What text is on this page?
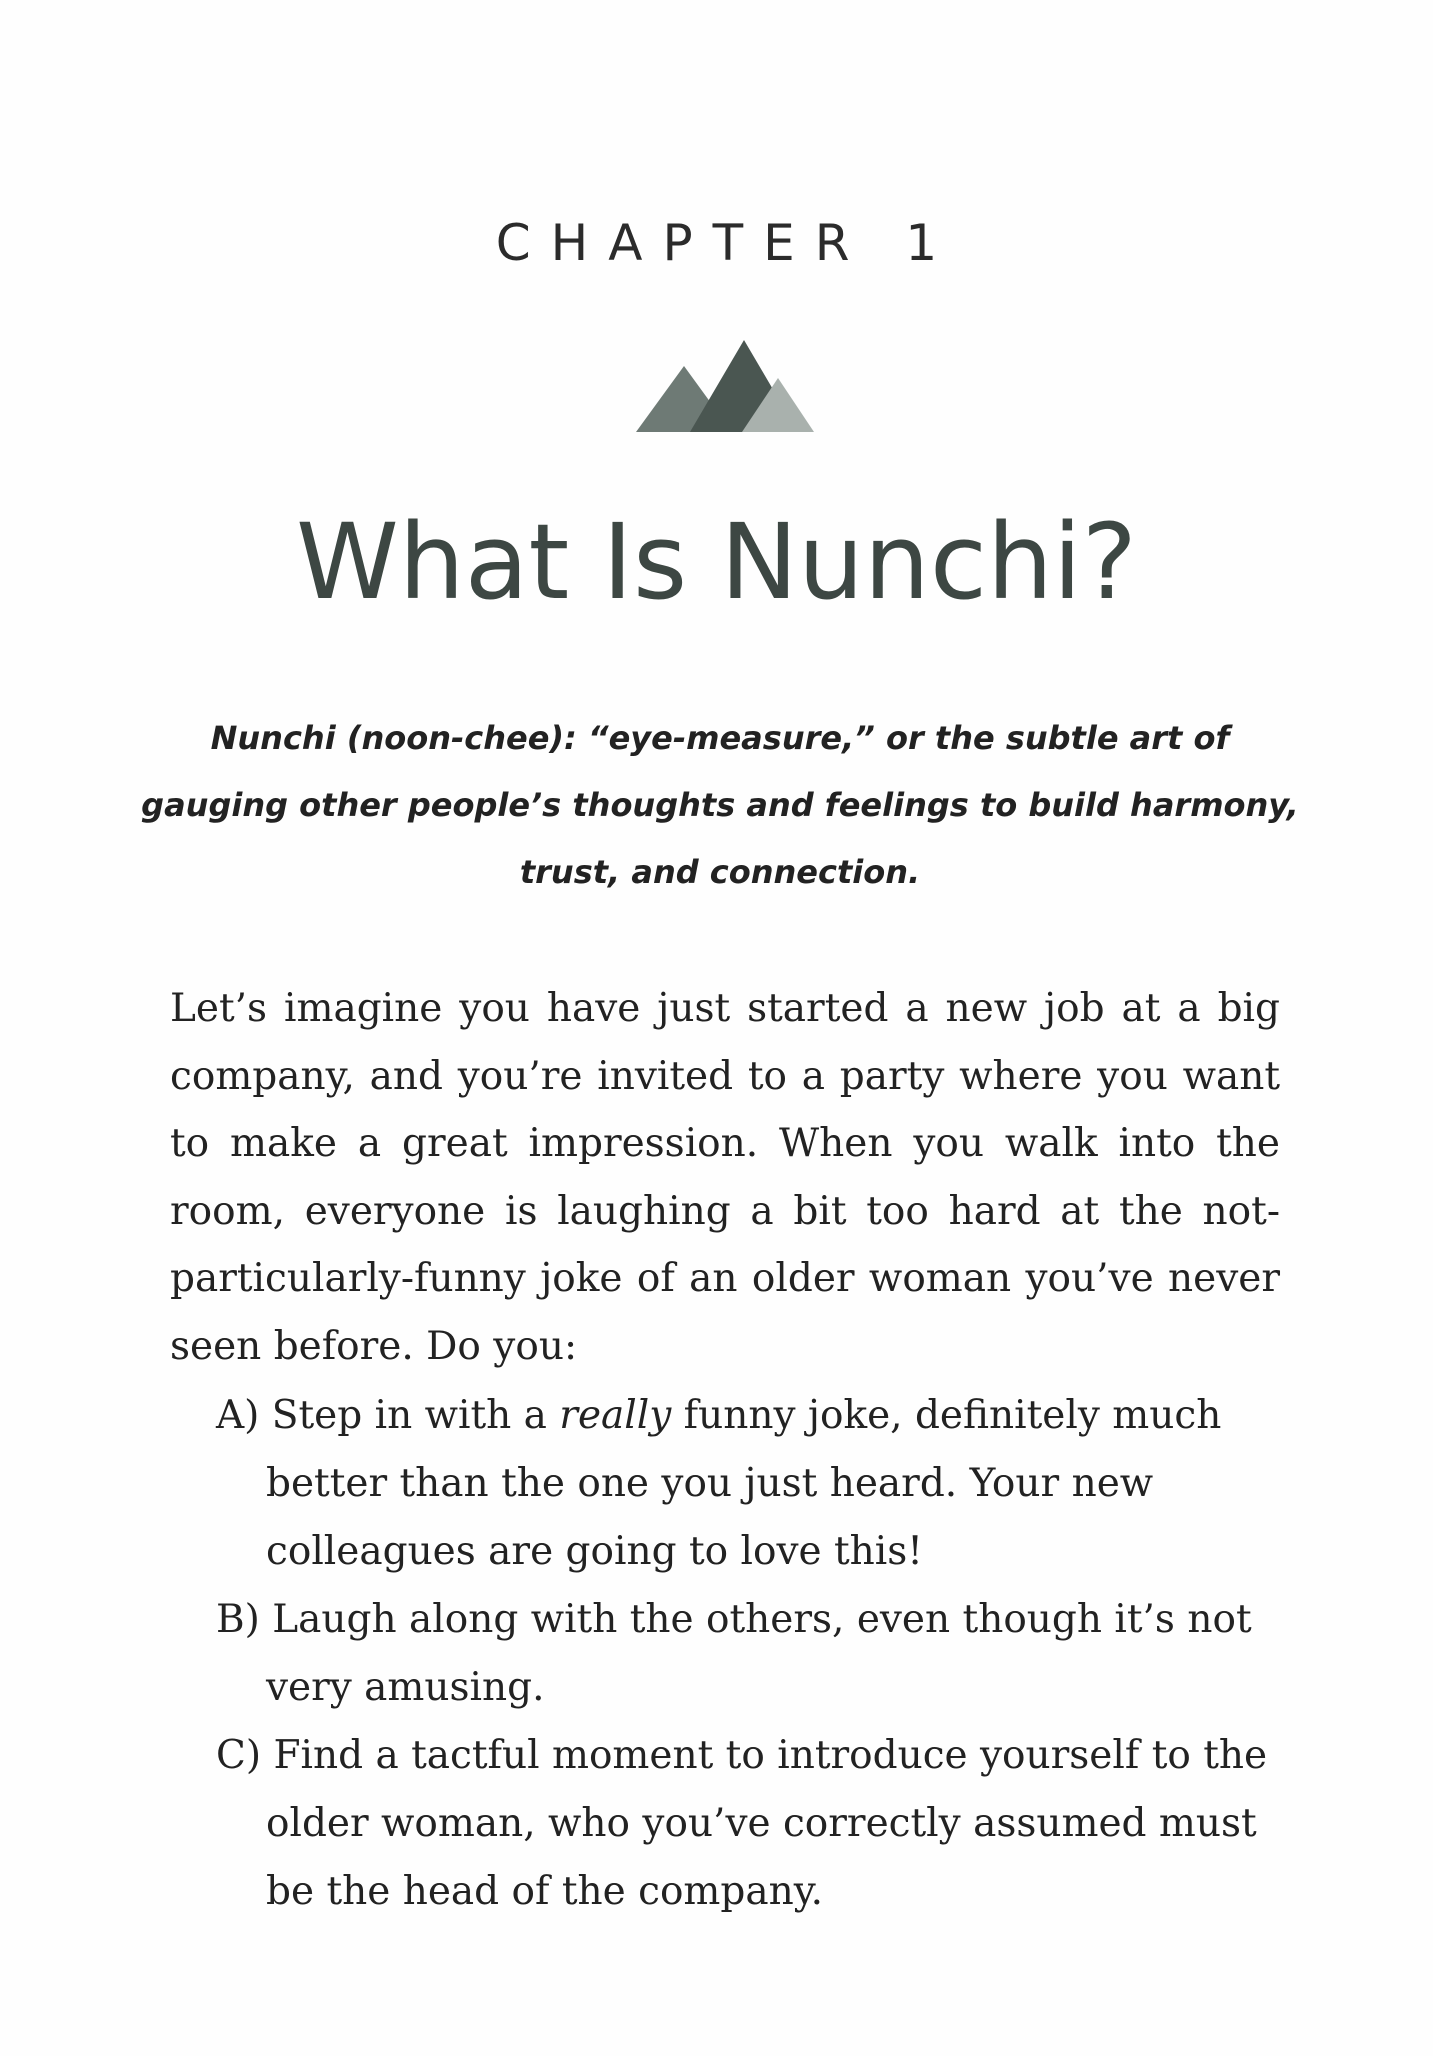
CHAPTER 1
What Is Nunchi?

Nunchi (noon-chee): “eye-measure,” or the subtle art of gauging other people’s thoughts and feelings to build harmony, trust, and connection.

Let’s imagine you have just started a new job at a big company, and you’re invited to a party where you want to make a great impression. When you walk into the room, everyone is laughing a bit too hard at the not-particularly-funny joke of an older woman you’ve never seen before. Do you:

A) Step in with a really funny joke, definitely much better than the one you just heard. Your new colleagues are going to love this!
B) Laugh along with the others, even though it’s not very amusing.
C) Find a tactful moment to introduce yourself to the older woman, who you’ve correctly assumed must be the head of the company.
